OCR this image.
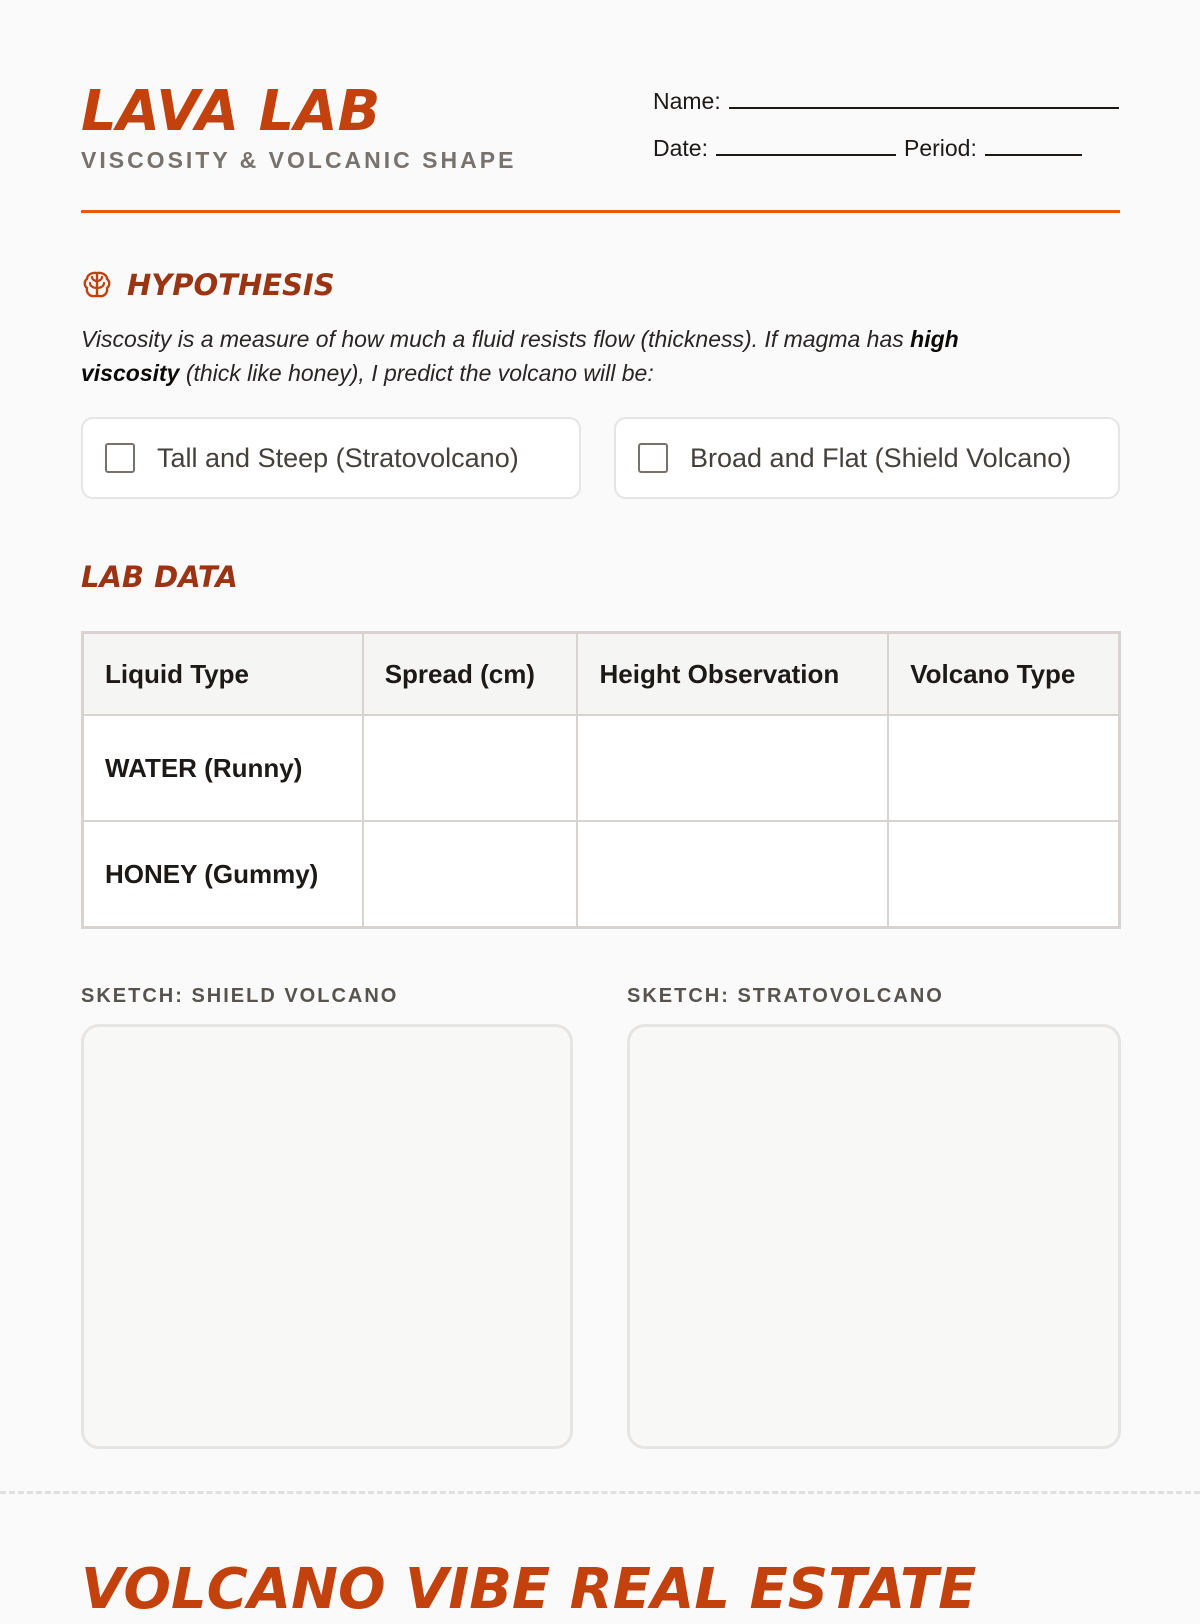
LAVA LAB
VISCOSITY & VOLCANIC SHAPE
Name:
Date:	Period:
HYPOTHESIS

Viscosity is a measure of how much a fluid resists flow (thickness). If magma has high
viscosity (thick like honey), I predict the volcano will be:

Tall and Steep (Stratovolcano)	Broad and Flat (Shield Volcano)
LAB DATA
Liquid Type	Spread (cm)	Height Observation	Volcano Type
WATER (Runny)			
HONEY (Gummy)			
SKETCH: SHIELD VOLCANO	SKETCH: STRATOVOLCANO
VOLCANO VIBE REAL ESTATE
